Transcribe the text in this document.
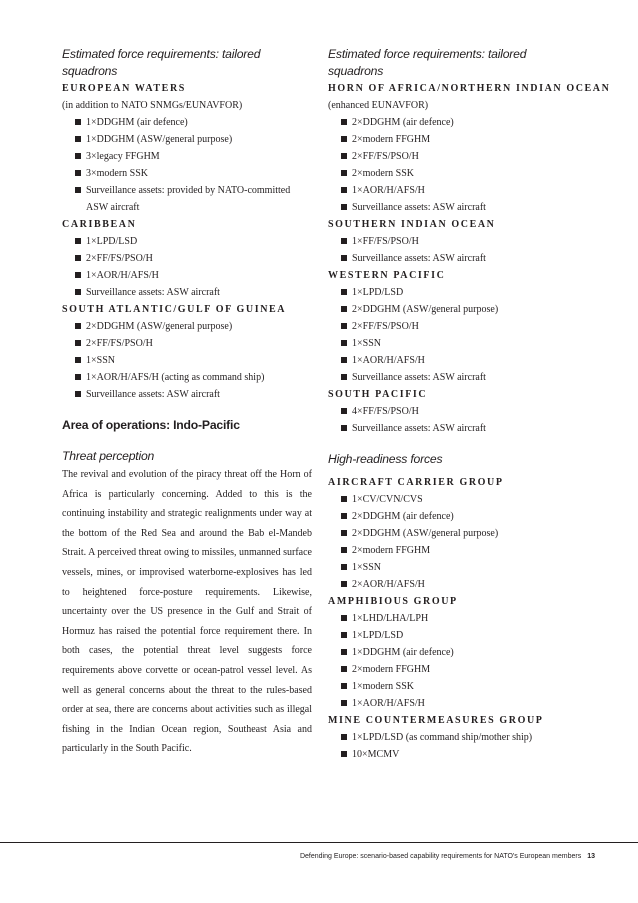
Estimated force requirements: tailored squadrons
EUROPEAN WATERS
(in addition to NATO SNMGs/EUNAVFOR)
1×DDGHM (air defence)
1×DDGHM (ASW/general purpose)
3×legacy FFGHM
3×modern SSK
Surveillance assets: provided by NATO-committed ASW aircraft
CARIBBEAN
1×LPD/LSD
2×FF/FS/PSO/H
1×AOR/H/AFS/H
Surveillance assets: ASW aircraft
SOUTH ATLANTIC/GULF OF GUINEA
2×DDGHM (ASW/general purpose)
2×FF/FS/PSO/H
1×SSN
1×AOR/H/AFS/H (acting as command ship)
Surveillance assets: ASW aircraft
Area of operations: Indo-Pacific
Threat perception

The revival and evolution of the piracy threat off the Horn of Africa is particularly concerning. Added to this is the continuing instability and strategic realignments under way at the bottom of the Red Sea and around the Bab el-Mandeb Strait. A perceived threat owing to missiles, unmanned surface vessels, mines, or improvised waterborne-explosives has led to heightened force-posture requirements. Likewise, uncertainty over the US presence in the Gulf and Strait of Hormuz has raised the potential force requirement there. In both cases, the potential threat level suggests force requirements above corvette or ocean-patrol vessel level. As well as general concerns about the threat to the rules-based order at sea, there are concerns about activities such as illegal fishing in the Indian Ocean region, Southeast Asia and particularly in the South Pacific.

Estimated force requirements: tailored squadrons
HORN OF AFRICA/NORTHERN INDIAN OCEAN
(enhanced EUNAVFOR)
2×DDGHM (air defence)
2×modern FFGHM
2×FF/FS/PSO/H
2×modern SSK
1×AOR/H/AFS/H
Surveillance assets: ASW aircraft
SOUTHERN INDIAN OCEAN
1×FF/FS/PSO/H
Surveillance assets: ASW aircraft
WESTERN PACIFIC
1×LPD/LSD
2×DDGHM (ASW/general purpose)
2×FF/FS/PSO/H
1×SSN
1×AOR/H/AFS/H
Surveillance assets: ASW aircraft
SOUTH PACIFIC
4×FF/FS/PSO/H
Surveillance assets: ASW aircraft
High-readiness forces
AIRCRAFT CARRIER GROUP
1×CV/CVN/CVS
2×DDGHM (air defence)
2×DDGHM (ASW/general purpose)
2×modern FFGHM
1×SSN
2×AOR/H/AFS/H
AMPHIBIOUS GROUP
1×LHD/LHA/LPH
1×LPD/LSD
1×DDGHM (air defence)
2×modern FFGHM
1×modern SSK
1×AOR/H/AFS/H
MINE COUNTERMEASURES GROUP
1×LPD/LSD (as command ship/mother ship)
10×MCMV
Defending Europe: scenario-based capability requirements for NATO's European members 13
